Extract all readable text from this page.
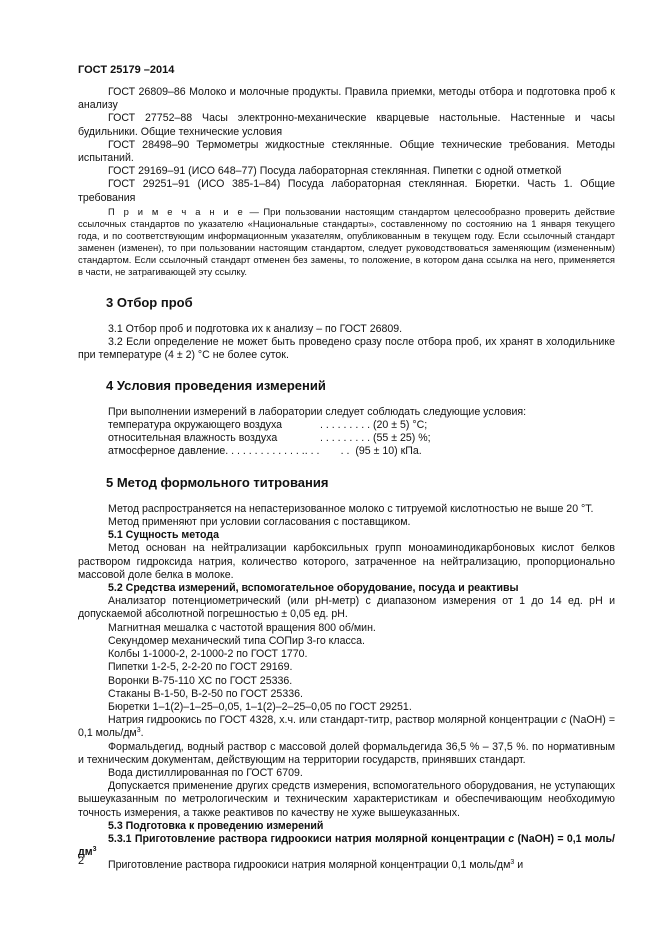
ГОСТ 25179 –2014

ГОСТ 26809–86 Молоко и молочные продукты. Правила приемки, методы отбора и подготовка проб к анализу

ГОСТ 27752–88 Часы электронно-механические кварцевые настольные. Настенные и часы будильники. Общие технические условия

ГОСТ 28498–90 Термометры жидкостные стеклянные. Общие технические требования. Методы испытаний.

ГОСТ 29169–91 (ИСО 648–77) Посуда лабораторная стеклянная. Пипетки с одной отметкой

ГОСТ 29251–91 (ИСО 385-1–84) Посуда лабораторная стеклянная. Бюретки. Часть 1. Общие требования

П р и м е ч а н и е — При пользовании настоящим стандартом целесообразно проверить действие ссылочных стандартов по указателю «Национальные стандарты», составленному по состоянию на 1 января текущего года, и по соответствующим информационным указателям, опубликованным в текущем году. Если ссылочный стандарт заменен (изменен), то при пользовании настоящим стандартом, следует руководствоваться заменяющим (измененным) стандартом. Если ссылочный стандарт отменен без замены, то положение, в котором дана ссылка на него, применяется в части, не затрагивающей эту ссылку.

3 Отбор проб

3.1 Отбор проб и подготовка их к анализу – по ГОСТ 26809.

3.2 Если определение не может быть проведено сразу после отбора проб, их хранят в холодильнике при температуре (4 ± 2) °С не более суток.

4 Условия проведения измерений

При выполнении измерений в лаборатории следует соблюдать следующие условия:

температура окружающего воздуха	. . . . . . . . . (20 ± 5) °С;
относительная влажность воздуха	. . . . . . . . . (55 ± 25) %;
атмосферное давление. . . . . . . . . . . . . .. . . . .  (95 ± 10) кПа.
5 Метод формольного титрования

Метод распространяется на непастеризованное молоко с титруемой кислотностью не выше 20 °Т.

Метод применяют при условии согласования с поставщиком.

5.1 Сущность метода

Метод основан на нейтрализации карбоксильных групп моноаминодикарбоновых кислот белков раствором гидроксида натрия, количество которого, затраченное на нейтрализацию, пропорционально массовой доле белка в молоке.

5.2 Средства измерений, вспомогательное оборудование, посуда и реактивы

Анализатор потенциометрический (или рН-метр) с диапазоном измерения от 1 до 14 ед. рН и допускаемой абсолютной погрешностью ± 0,05 ед. рН.

Магнитная мешалка с частотой вращения 800 об/мин.

Секундомер механический типа СОПир 3-го класса.

Колбы 1-1000-2, 2-1000-2 по ГОСТ 1770.

Пипетки 1-2-5, 2-2-20 по ГОСТ 29169.

Воронки В-75-110 ХС по ГОСТ 25336.

Стаканы В-1-50, В-2-50 по ГОСТ 25336.

Бюретки 1–1(2)–1–25–0,05, 1–1(2)–2–25–0,05 по ГОСТ 29251.

Натрия гидроокись по ГОСТ 4328, х.ч. или стандарт-титр, раствор молярной концентрации с (NaOH) = 0,1 моль/$дм^3$.

Формальдегид, водный раствор с массовой долей формальдегида 36,5 % – 37,5 %. по нормативным и техническим документам, действующим на территории государств, принявших стандарт.

Вода дистиллированная по ГОСТ 6709.

Допускается применение других средств измерения, вспомогательного оборудования, не уступающих вышеуказанным по метрологическим и техническим характеристикам и обеспечивающим необходимую точность измерения, а также реактивов по качеству не хуже вышеуказанных.

5.3 Подготовка к проведению измерений

5.3.1 Приготовление раствора гидроокиси натрия молярной концентрации с (NaOH) = 0,1 моль/$дм^3$

Приготовление раствора гидроокиси натрия молярной концентрации 0,1 моль/$дм^3$ и

2
